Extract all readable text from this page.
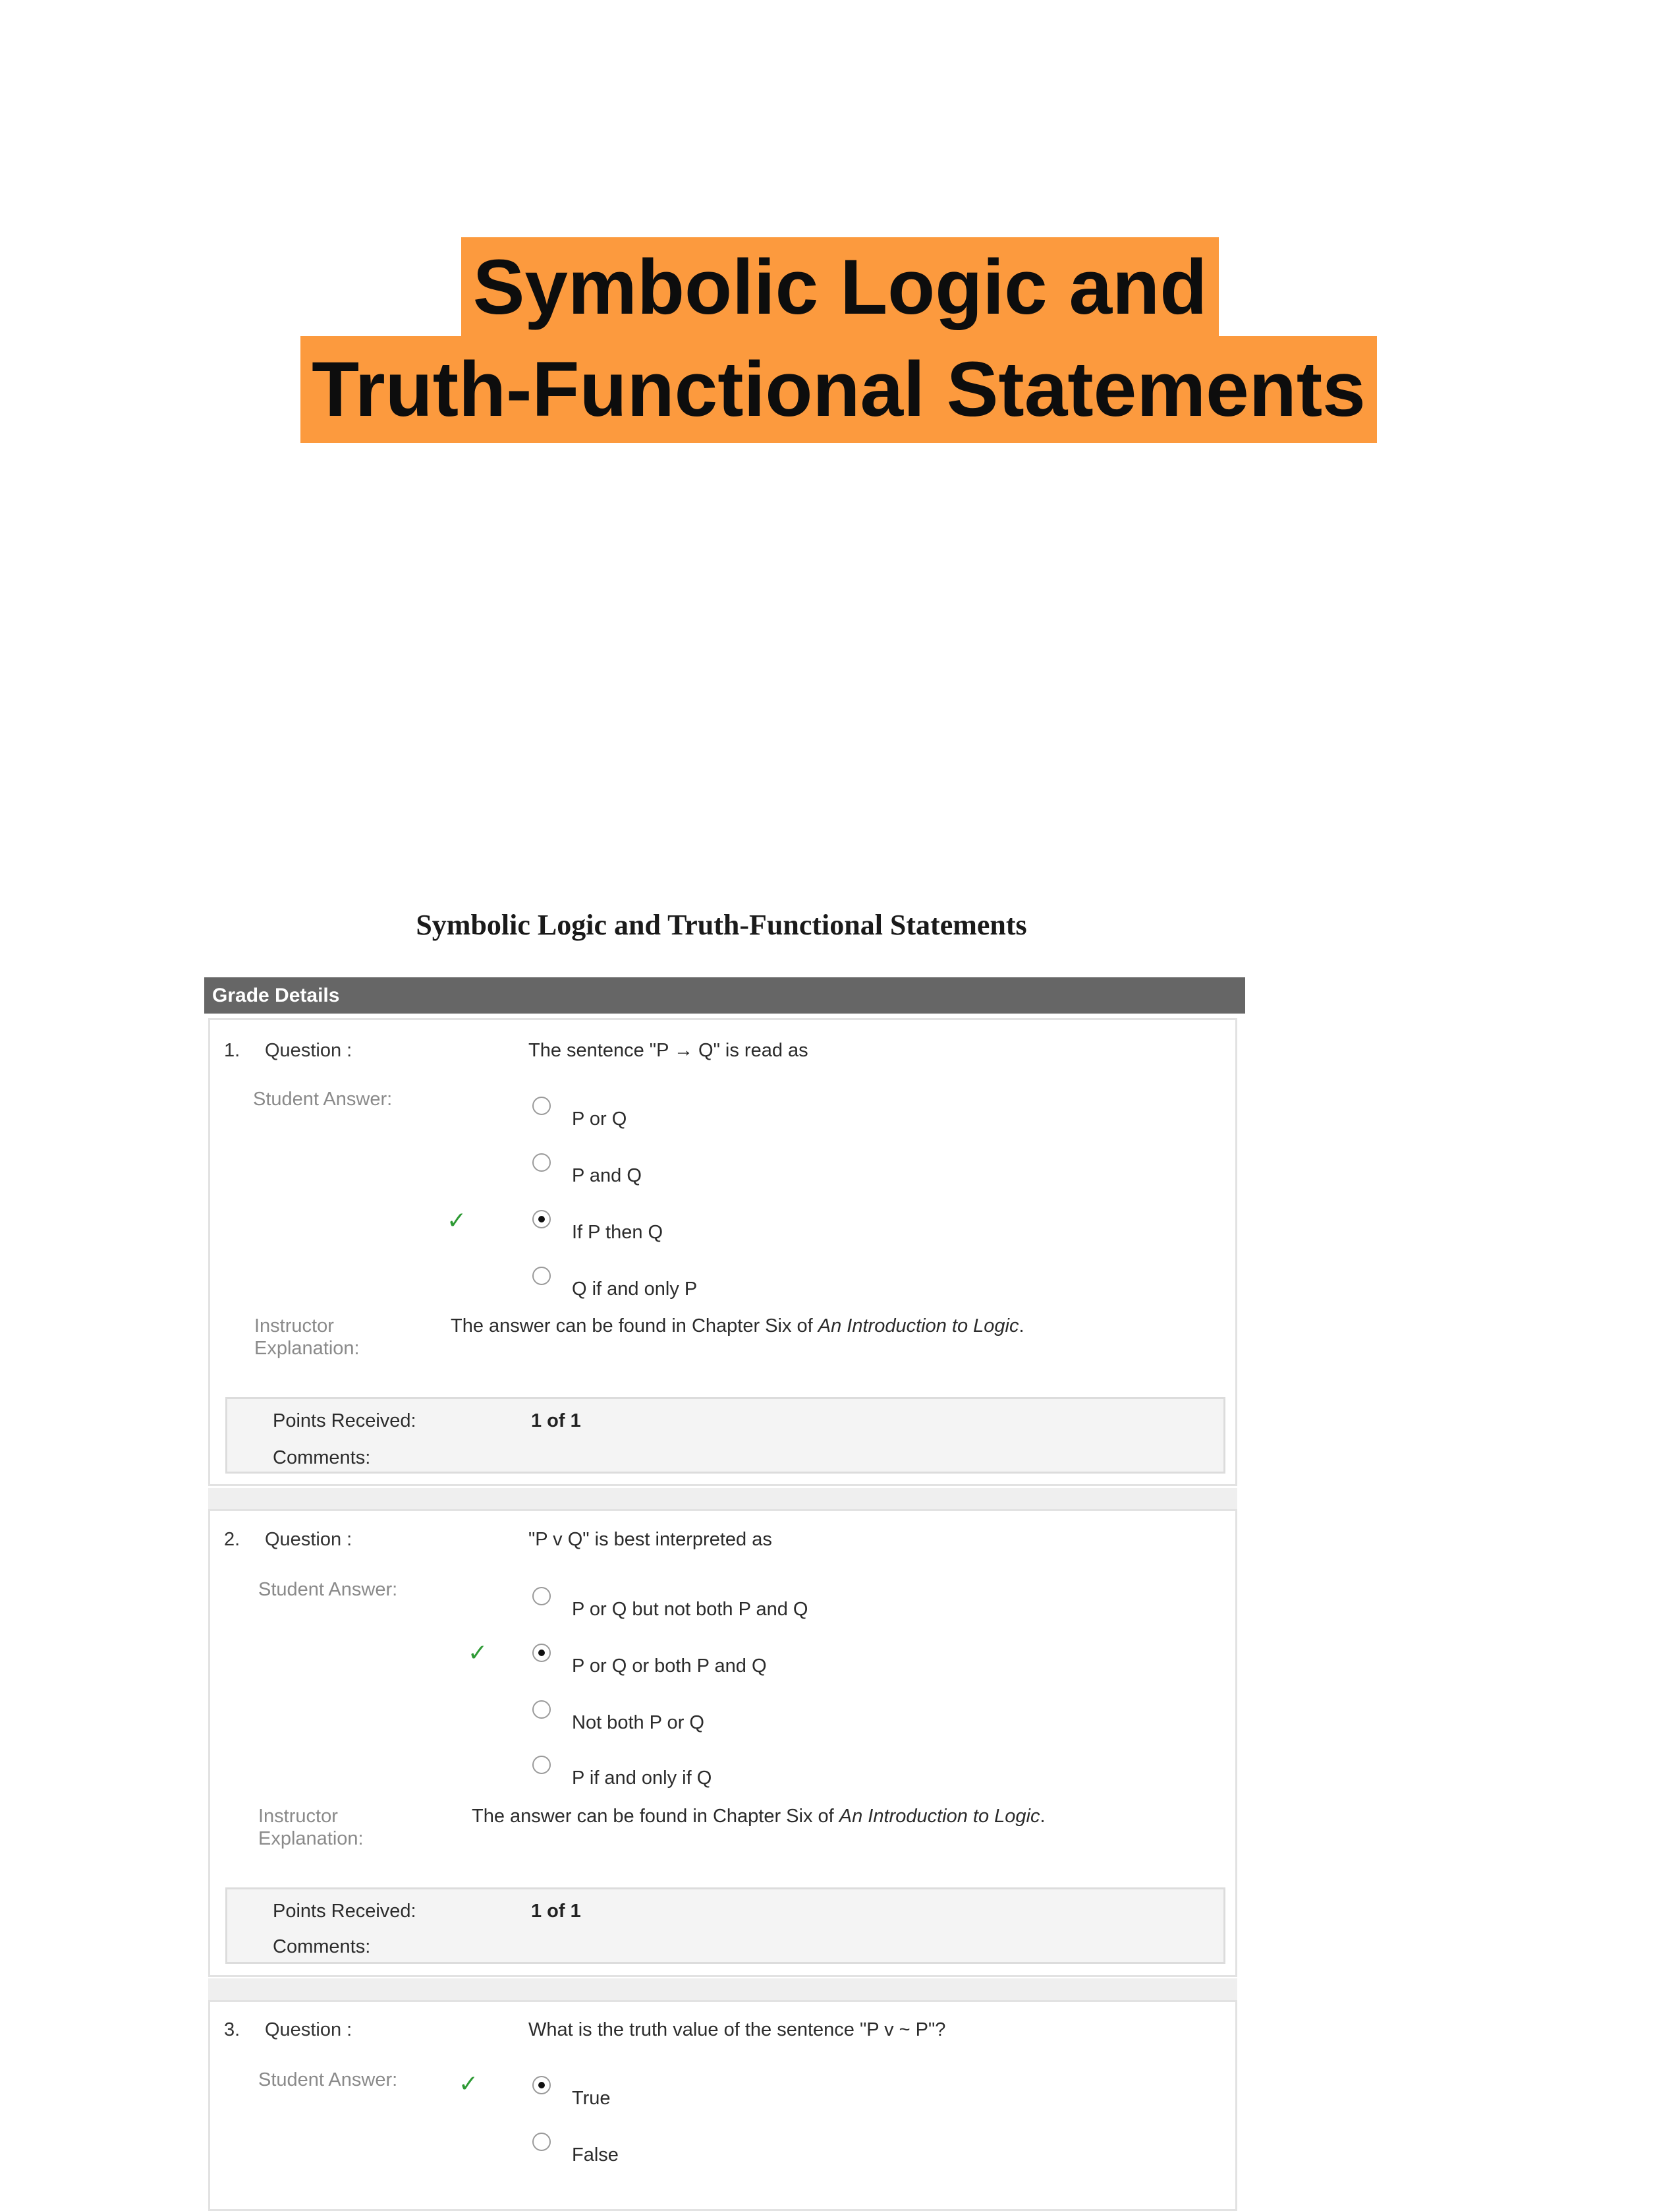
Symbolic Logic and
Truth-Functional Statements
Symbolic Logic and Truth-Functional Statements
Grade Details
1. Question :	The sentence "P → Q" is read as
Student Answer:
P or Q
P and Q
✓	If P then Q
Q if and only P
Instructor
Explanation:
The answer can be found in Chapter Six of An Introduction to Logic.
Points Received:	1 of 1
Comments:
2. Question :	"P v Q" is best interpreted as
Student Answer:
P or Q but not both P and Q
✓	P or Q or both P and Q
Not both P or Q
P if and only if Q
Instructor
Explanation:
The answer can be found in Chapter Six of An Introduction to Logic.
Points Received:	1 of 1
Comments:
3. Question :	What is the truth value of the sentence "P v ~ P"?
Student Answer:	✓
True
False
